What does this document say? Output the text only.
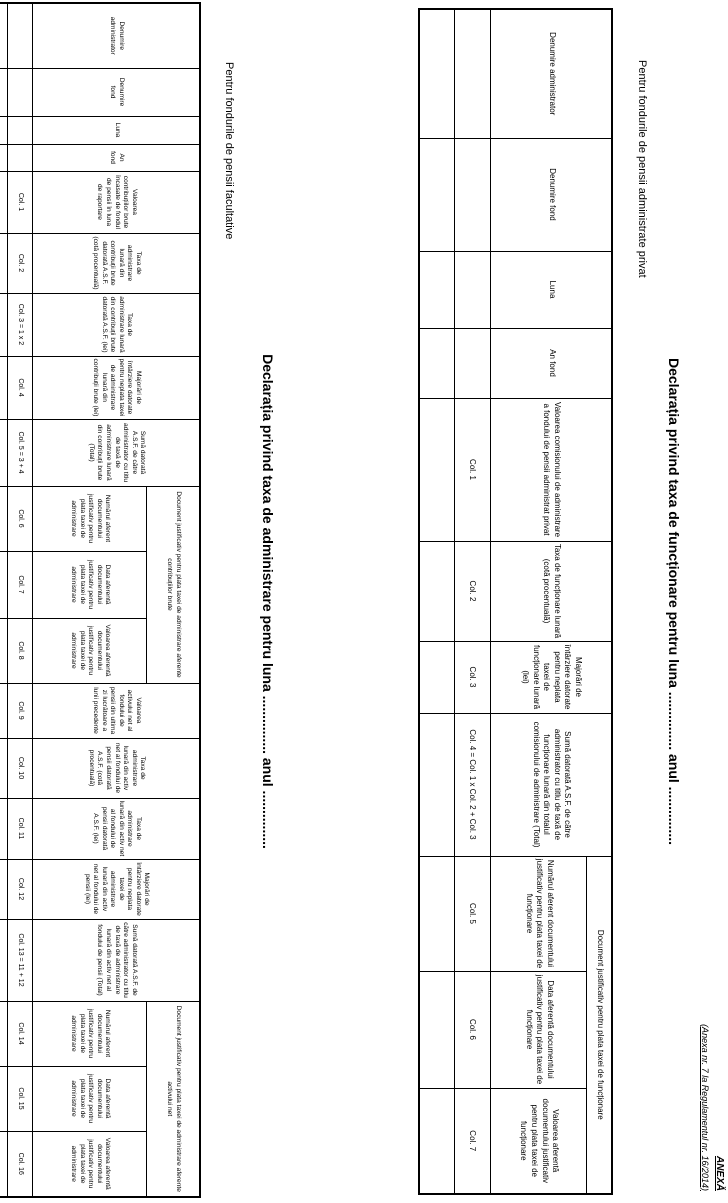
ANEXĂ
(Anexa nr. 7 la Regulamentul nr. 16/2014)
Declarația privind taxa de funcționare pentru luna ............... anul ...............
Pentru fondurile de pensii administrate privat
Denumire administrator	Denumire fond	Luna	An fond	Valoarea comisionului de administrare a fondului de pensii administrat privat	Taxa de funcționare lunară (cotă procentuală)	Majorări de întârziere datorate pentru neplata taxei de funcționare lunară (lei)	Sumă datorată A.S.F. de către administrator cu titlu de taxă de funcționare lunară din totalul comisionului de administrare (Total)	Document justificativ pentru plata taxei de funcționare		
								Numărul aferent documentului justificativ pentru plata taxei de funcționare	Data aferentă documentului justificativ pentru plata taxei de funcționare	Valoarea aferentă documentului justificativ pentru plata taxei de funcționare
				Col. 1	Col. 2	Col. 3	Col. 4 = Col. 1 x Col. 2 + Col. 3	Col. 5	Col. 6	Col. 7

Declarația privind taxa de administrare pentru luna ............... anul ...............
Pentru fondurile de pensii facultative
Denumire administrator	Denumire fond	Luna	An fond	Valoarea contribuțiilor brute încasate de fondul de pensii în luna de raportare	Taxa de administrare lunară din contribuții brute datorată A.S.F. (cotă procentuală)	Taxa de administrare lunară din contribuții brute datorată A.S.F. (lei)	Majorări de întârziere datorate pentru neplata taxei de administrare lunară din contribuții brute (lei)	Sumă datorată A.S.F. de către administrator cu titlu de taxă de administrare lunară din contribuții brute (Total)	Document justificativ pentru plata taxei de administrare aferente contribuțiilor brute			Valoarea activului net al fondului de pensii din ultima zi lucrătoare a lunii precedente	Taxa de administrare lunară din activ net al fondului de pensii datorată A.S.F. (cotă procentuală)	Taxa de administrare lunară din activ net al fondului de pensii datorată A.S.F. (lei)	Majorări de întârziere datorate pentru neplata taxei de administrare lunară din activ net al fondului de pensii (lei)	Sumă datorată A.S.F. de către administrator cu titlu de taxă de administrare lunară din activ net al fondului de pensii (Total)	Document justificativ pentru plata taxei de administrare aferente activului net		
									Numărul aferent documentului justificativ pentru plata taxei de administrare	Data aferentă documentului justificativ pentru plata taxei de administrare	Valoarea aferentă documentului justificativ pentru plata taxei de administrare						Numărul aferent documentului justificativ pentru plata taxei de administrare	Data aferentă documentului justificativ pentru plata taxei de administrare	Valoarea aferentă documentului justificativ pentru plata taxei de administrare
				Col. 1	Col. 2	Col. 3 = 1 x 2	Col. 4	Col. 5 = 3 + 4	Col. 6	Col. 7	Col. 8	Col. 9	Col. 10	Col. 11	Col. 12	Col. 13 = 11 + 12	Col. 14	Col. 15	Col. 16
